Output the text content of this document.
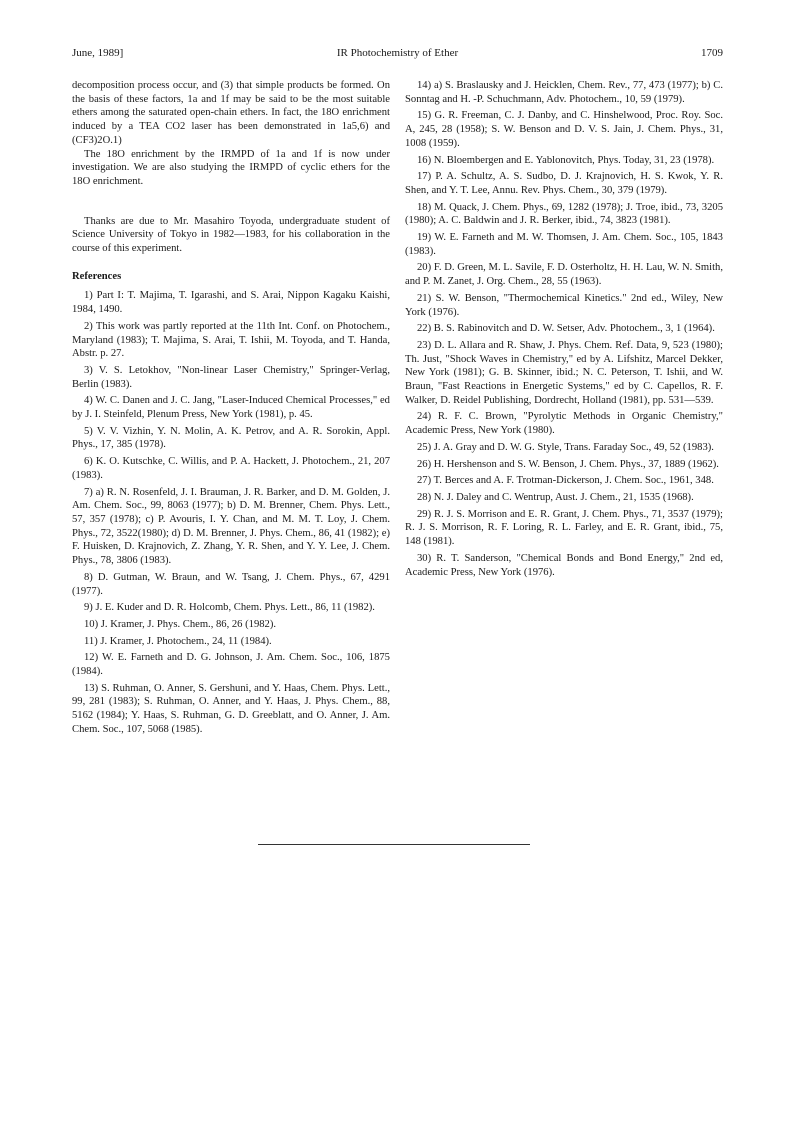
June, 1989]	IR Photochemistry of Ether	1709

decomposition process occur, and (3) that simple products be formed. On the basis of these factors, 1a and 1f may be said to be the most suitable ethers among the saturated open-chain ethers. In fact, the 18O enrichment induced by a TEA CO2 laser has been demonstrated in 1a5,6) and (CF3)2O.1)

The 18O enrichment by the IRMPD of 1a and 1f is now under investigation. We are also studying the IRMPD of cyclic ethers for the 18O enrichment.

Thanks are due to Mr. Masahiro Toyoda, undergraduate student of Science University of Tokyo in 1982—1983, for his collaboration in the course of this experiment.

References

1) Part I: T. Majima, T. Igarashi, and S. Arai, Nippon Kagaku Kaishi, 1984, 1490.

2) This work was partly reported at the 11th Int. Conf. on Photochem., Maryland (1983); T. Majima, S. Arai, T. Ishii, M. Toyoda, and T. Handa, Abstr. p. 27.

3) V. S. Letokhov, "Non-linear Laser Chemistry," Springer-Verlag, Berlin (1983).

4) W. C. Danen and J. C. Jang, "Laser-Induced Chemical Processes," ed by J. I. Steinfeld, Plenum Press, New York (1981), p. 45.

5) V. V. Vizhin, Y. N. Molin, A. K. Petrov, and A. R. Sorokin, Appl. Phys., 17, 385 (1978).

6) K. O. Kutschke, C. Willis, and P. A. Hackett, J. Photochem., 21, 207 (1983).

7) a) R. N. Rosenfeld, J. I. Brauman, J. R. Barker, and D. M. Golden, J. Am. Chem. Soc., 99, 8063 (1977); b) D. M. Brenner, Chem. Phys. Lett., 57, 357 (1978); c) P. Avouris, I. Y. Chan, and M. M. T. Loy, J. Chem. Phys., 72, 3522(1980); d) D. M. Brenner, J. Phys. Chem., 86, 41 (1982); e) F. Huisken, D. Krajnovich, Z. Zhang, Y. R. Shen, and Y. Y. Lee, J. Chem. Phys., 78, 3806 (1983).

8) D. Gutman, W. Braun, and W. Tsang, J. Chem. Phys., 67, 4291 (1977).

9) J. E. Kuder and D. R. Holcomb, Chem. Phys. Lett., 86, 11 (1982).

10) J. Kramer, J. Phys. Chem., 86, 26 (1982).

11) J. Kramer, J. Photochem., 24, 11 (1984).

12) W. E. Farneth and D. G. Johnson, J. Am. Chem. Soc., 106, 1875 (1984).

13) S. Ruhman, O. Anner, S. Gershuni, and Y. Haas, Chem. Phys. Lett., 99, 281 (1983); S. Ruhman, O. Anner, and Y. Haas, J. Phys. Chem., 88, 5162 (1984); Y. Haas, S. Ruhman, G. D. Greeblatt, and O. Anner, J. Am. Chem. Soc., 107, 5068 (1985).

14) a) S. Braslausky and J. Heicklen, Chem. Rev., 77, 473 (1977); b) C. Sonntag and H. -P. Schuchmann, Adv. Photochem., 10, 59 (1979).

15) G. R. Freeman, C. J. Danby, and C. Hinshelwood, Proc. Roy. Soc. A, 245, 28 (1958); S. W. Benson and D. V. S. Jain, J. Chem. Phys., 31, 1008 (1959).

16) N. Bloembergen and E. Yablonovitch, Phys. Today, 31, 23 (1978).

17) P. A. Schultz, A. S. Sudbo, D. J. Krajnovich, H. S. Kwok, Y. R. Shen, and Y. T. Lee, Annu. Rev. Phys. Chem., 30, 379 (1979).

18) M. Quack, J. Chem. Phys., 69, 1282 (1978); J. Troe, ibid., 73, 3205 (1980); A. C. Baldwin and J. R. Berker, ibid., 74, 3823 (1981).

19) W. E. Farneth and M. W. Thomsen, J. Am. Chem. Soc., 105, 1843 (1983).

20) F. D. Green, M. L. Savile, F. D. Osterholtz, H. H. Lau, W. N. Smith, and P. M. Zanet, J. Org. Chem., 28, 55 (1963).

21) S. W. Benson, "Thermochemical Kinetics." 2nd ed., Wiley, New York (1976).

22) B. S. Rabinovitch and D. W. Setser, Adv. Photochem., 3, 1 (1964).

23) D. L. Allara and R. Shaw, J. Phys. Chem. Ref. Data, 9, 523 (1980); Th. Just, "Shock Waves in Chemistry," ed by A. Lifshitz, Marcel Dekker, New York (1981); G. B. Skinner, ibid.; N. C. Peterson, T. Ishii, and W. Braun, "Fast Reactions in Energetic Systems," ed by C. Capellos, R. F. Walker, D. Reidel Publishing, Dordrecht, Holland (1981), pp. 531—539.

24) R. F. C. Brown, "Pyrolytic Methods in Organic Chemistry," Academic Press, New York (1980).

25) J. A. Gray and D. W. G. Style, Trans. Faraday Soc., 49, 52 (1983).

26) H. Hershenson and S. W. Benson, J. Chem. Phys., 37, 1889 (1962).

27) T. Berces and A. F. Trotman-Dickerson, J. Chem. Soc., 1961, 348.

28) N. J. Daley and C. Wentrup, Aust. J. Chem., 21, 1535 (1968).

29) R. J. S. Morrison and E. R. Grant, J. Chem. Phys., 71, 3537 (1979); R. J. S. Morrison, R. F. Loring, R. L. Farley, and E. R. Grant, ibid., 75, 148 (1981).

30) R. T. Sanderson, "Chemical Bonds and Bond Energy," 2nd ed, Academic Press, New York (1976).
